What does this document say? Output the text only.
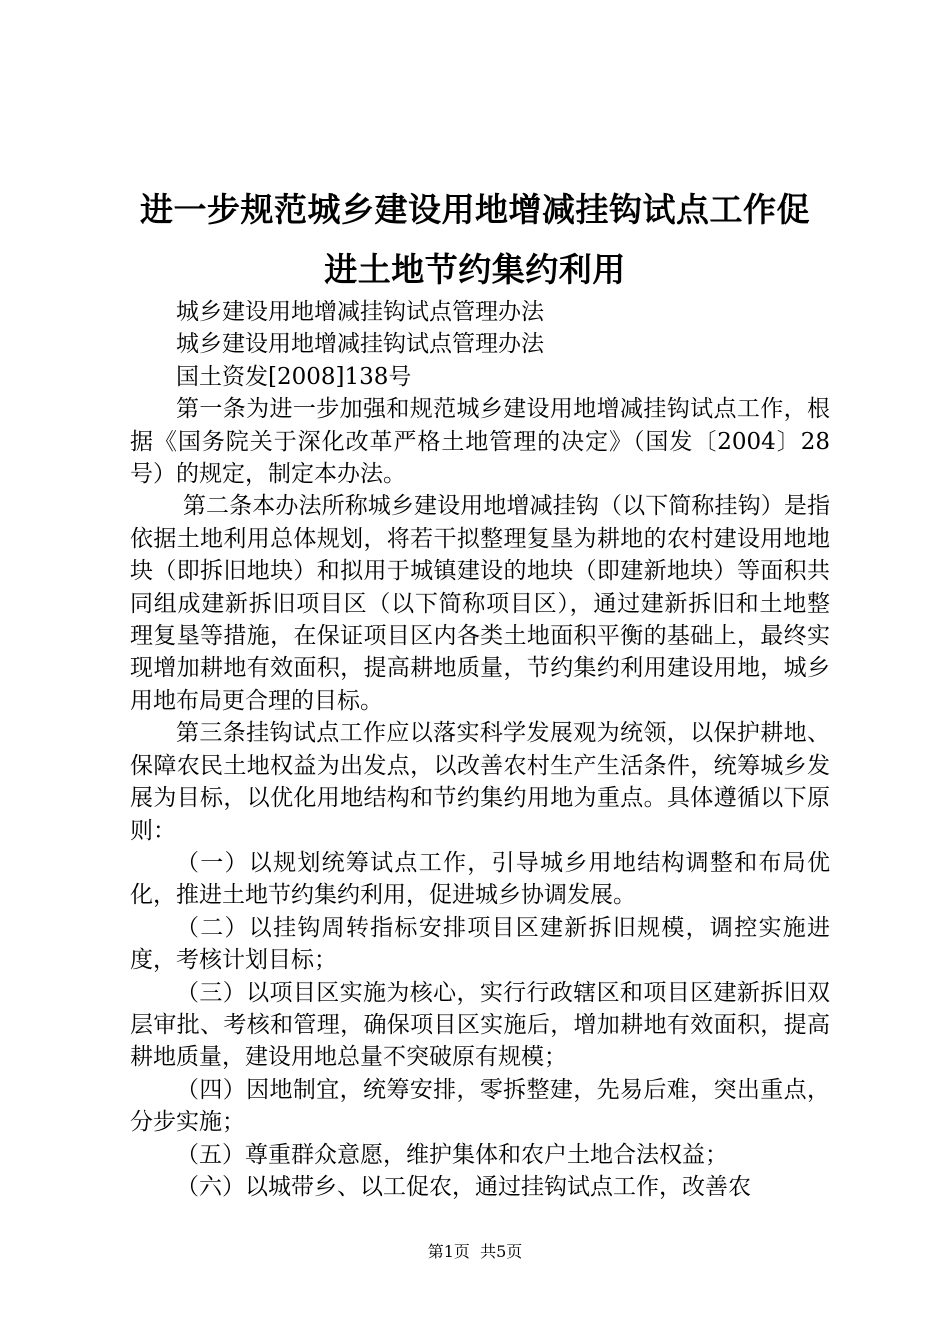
进一步规范城乡建设用地增减挂钩试点工作促
进土地节约集约利用

城乡建设用地增减挂钩试点管理办法

城乡建设用地增减挂钩试点管理办法

国土资发[2008]138号

第一条为进一步加强和规范城乡建设用地增减挂钩试点工作，根据《国务院关于深化改革严格土地管理的决定》（国发〔2004〕28号）的规定，制定本办法。

第二条本办法所称城乡建设用地增减挂钩（以下简称挂钩）是指依据土地利用总体规划，将若干拟整理复垦为耕地的农村建设用地地块（即拆旧地块）和拟用于城镇建设的地块（即建新地块）等面积共同组成建新拆旧项目区（以下简称项目区），通过建新拆旧和土地整理复垦等措施，在保证项目区内各类土地面积平衡的基础上，最终实现增加耕地有效面积，提高耕地质量，节约集约利用建设用地，城乡用地布局更合理的目标。

第三条挂钩试点工作应以落实科学发展观为统领，以保护耕地、保障农民土地权益为出发点，以改善农村生产生活条件，统筹城乡发展为目标，以优化用地结构和节约集约用地为重点。具体遵循以下原则：

（一）以规划统筹试点工作，引导城乡用地结构调整和布局优化，推进土地节约集约利用，促进城乡协调发展。

（二）以挂钩周转指标安排项目区建新拆旧规模，调控实施进度，考核计划目标；

（三）以项目区实施为核心，实行行政辖区和项目区建新拆旧双层审批、考核和管理，确保项目区实施后，增加耕地有效面积，提高耕地质量，建设用地总量不突破原有规模；

（四）因地制宜，统筹安排，零拆整建，先易后难，突出重点，分步实施；

（五）尊重群众意愿，维护集体和农户土地合法权益；

（六）以城带乡、以工促农，通过挂钩试点工作，改善农

第1页  共5页
